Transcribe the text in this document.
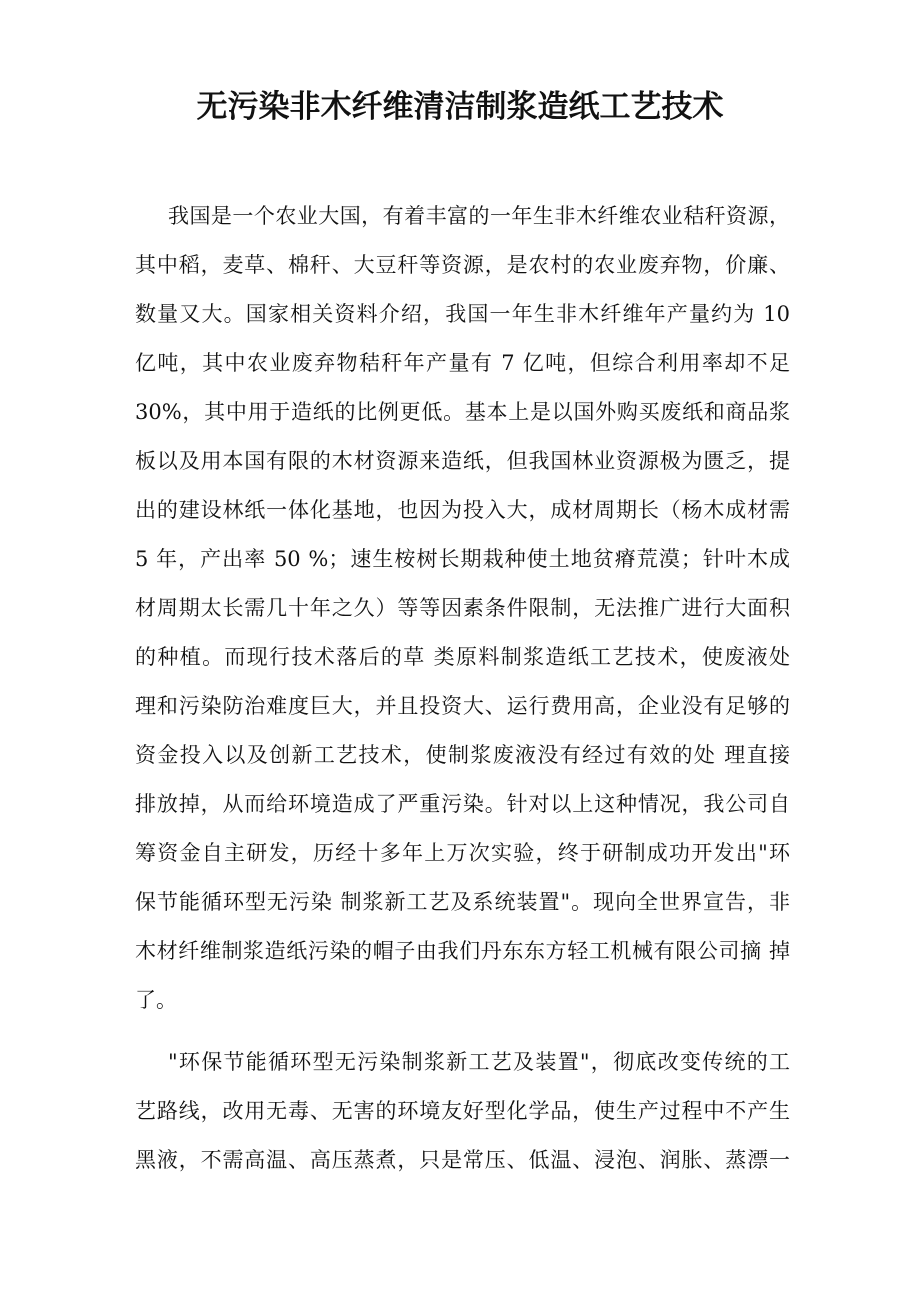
无污染非木纤维清洁制浆造纸工艺技术
我国是一个农业大国，有着丰富的一年生非木纤维农业秸秆资源，
其中稻，麦草、棉秆、大豆秆等资源，是农村的农业废弃物，价廉、
数量又大。国家相关资料介绍，我国一年生非木纤维年产量约为 10
亿吨，其中农业废弃物秸秆年产量有 7 亿吨，但综合利用率却不足
30%，其中用于造纸的比例更低。基本上是以国外购买废纸和商品浆
板以及用本国有限的木材资源来造纸，但我国林业资源极为匮乏，提
出的建设林纸一体化基地，也因为投入大，成材周期长（杨木成材需
5 年，产出率 50 %；速生桉树长期栽种使土地贫瘠荒漠；针叶木成
材周期太长需几十年之久）等等因素条件限制，无法推广进行大面积
的种植。而现行技术落后的草 类原料制浆造纸工艺技术，使废液处
理和污染防治难度巨大，并且投资大、运行费用高，企业没有足够的
资金投入以及创新工艺技术，使制浆废液没有经过有效的处 理直接
排放掉，从而给环境造成了严重污染。针对以上这种情况，我公司自
筹资金自主研发，历经十多年上万次实验，终于研制成功开发出"环
保节能循环型无污染 制浆新工艺及系统装置"。现向全世界宣告，非
木材纤维制浆造纸污染的帽子由我们丹东东方轻工机械有限公司摘 掉
了。
"环保节能循环型无污染制浆新工艺及装置"，彻底改变传统的工
艺路线，改用无毒、无害的环境友好型化学品，使生产过程中不产生
黑液，不需高温、高压蒸煮，只是常压、低温、浸泡、润胀、蒸漂一
